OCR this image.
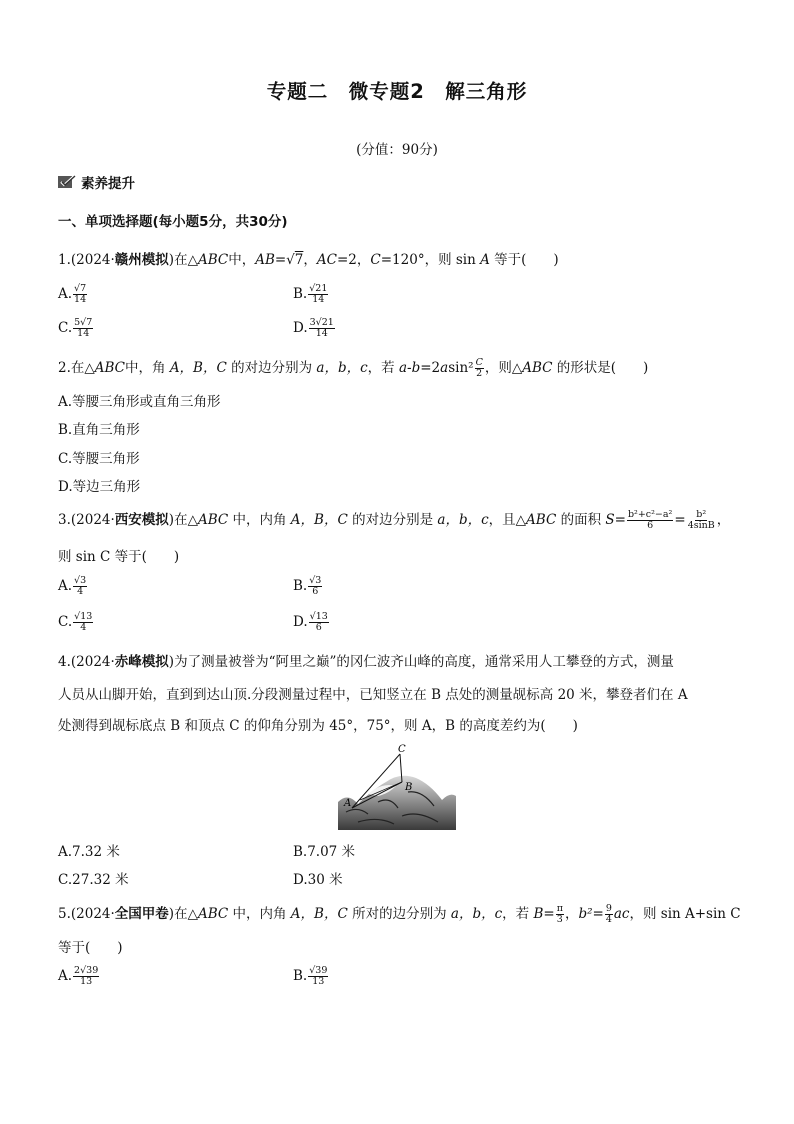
专题二　微专题2　解三角形
(分值：90分)
素养提升
一、单项选择题(每小题5分，共30分)
1.(2024·赣州模拟)在△ABC中，AB=√7，AC=2，C=120°，则 sin A 等于(　　)
A. $\frac{√7}{14}$	B. $\frac{√21}{14}$
C. $\frac{5√7}{14}$	D. $\frac{3√21}{14}$
2.在△ABC中，角 A，B，C 的对边分别为 a，b，c，若 $a-b=2asin^2 \frac{C}{2}$ ，则△ABC 的形状是(　　)
A.等腰三角形或直角三角形
B.直角三角形
C.等腰三角形
D.等边三角形
3.(2024·西安模拟)在△ABC 中，内角 A，B，C 的对边分别是 a，b，c，且△ABC 的面积 $S= \frac{\text{b²+c²−a²}}{6} = \frac{\text{b²}}{4\sin B}$ ，
则 sin C 等于(　　)
A. $\frac{√3}{4}$	B. $\frac{√3}{6}$
C. $\frac{√13}{4}$	D. $\frac{√13}{6}$
4.(2024·赤峰模拟)为了测量被誉为“阿里之巅”的冈仁波齐山峰的高度，通常采用人工攀登的方式，测量
人员从山脚开始，直到到达山顶.分段测量过程中，已知竖立在 B 点处的测量觇标高 20 米，攀登者们在 A
处测得到觇标底点 B 和顶点 C 的仰角分别为 45°，75°，则 A，B 的高度差约为(　　)
A
C
B
A.7.32 米	B.7.07 米
C.27.32 米	D.30 米
5.(2024·全国甲卷)在△ABC 中，内角 A，B，C 所对的边分别为 a，b，c，若 $B= \frac{\pi}{3}$ ，$b^2= \frac{9}{4}$ ac，则 sin A+sin C
等于(　　)
A. $\frac{2√39}{13}$	B. $\frac{√39}{13}$
